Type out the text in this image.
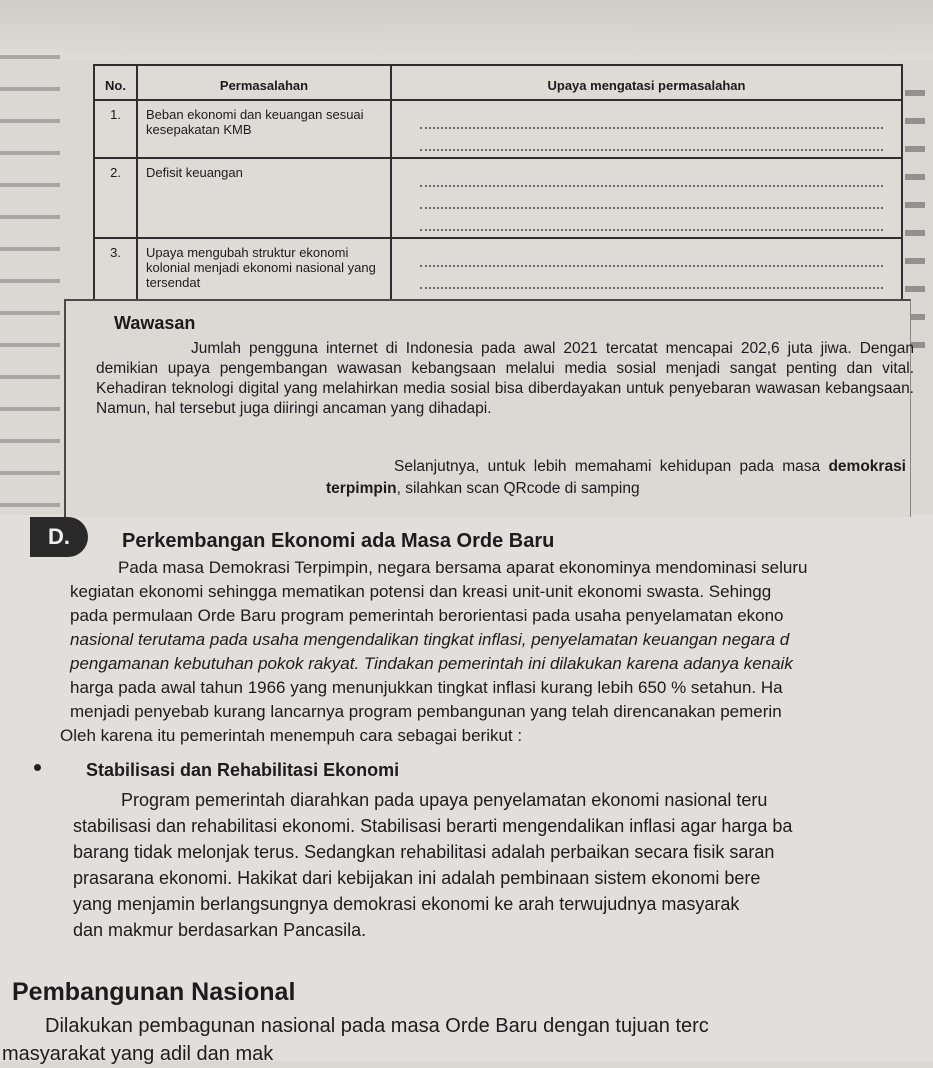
No.	Permasalahan	Upaya mengatasi permasalahan
1.	Beban ekonomi dan keuangan sesuai kesepakatan KMB	

2.	Defisit keuangan	

3.	Upaya mengubah struktur ekonomi kolonial menjadi ekonomi nasional yang tersendat	
Wawasan
Jumlah pengguna internet di Indonesia pada awal 2021 tercatat mencapai 202,6 juta jiwa. Dengan demikian upaya pengembangan wawasan kebangsaan melalui media sosial menjadi sangat penting dan vital. Kehadiran teknologi digital yang melahirkan media sosial bisa diberdayakan untuk penyebaran wawasan kebangsaan. Namun, hal tersebut juga diiringi ancaman yang dihadapi.
Selanjutnya, untuk lebih memahami kehidupan pada masa demokrasi terpimpin, silahkan scan QRcode di samping
D.	Perkembangan Ekonomi ada Masa Orde Baru

Pada masa Demokrasi Terpimpin, negara bersama aparat ekonominya mendominasi seluru

kegiatan ekonomi sehingga mematikan potensi dan kreasi unit-unit ekonomi swasta. Sehingg

pada permulaan Orde Baru program pemerintah berorientasi pada usaha penyelamatan ekono

nasional terutama pada usaha mengendalikan tingkat inflasi, penyelamatan keuangan negara d

pengamanan kebutuhan pokok rakyat. Tindakan pemerintah ini dilakukan karena adanya kenaik

harga pada awal tahun 1966 yang menunjukkan tingkat inflasi kurang lebih 650 % setahun. Ha

menjadi penyebab kurang lancarnya program pembangunan yang telah direncanakan pemerin

Oleh karena itu pemerintah menempuh cara sebagai berikut :

Stabilisasi dan Rehabilitasi Ekonomi

Program pemerintah diarahkan pada upaya penyelamatan ekonomi nasional teru

stabilisasi dan rehabilitasi ekonomi. Stabilisasi berarti mengendalikan inflasi agar harga ba

barang tidak melonjak terus. Sedangkan rehabilitasi adalah perbaikan secara fisik saran

prasarana ekonomi. Hakikat dari kebijakan ini adalah pembinaan sistem ekonomi bere

yang menjamin berlangsungnya demokrasi ekonomi ke arah terwujudnya masyarak

dan makmur berdasarkan Pancasila.

Pembangunan Nasional

Dilakukan pembagunan nasional pada masa Orde Baru dengan tujuan terc

masyarakat yang adil dan mak
